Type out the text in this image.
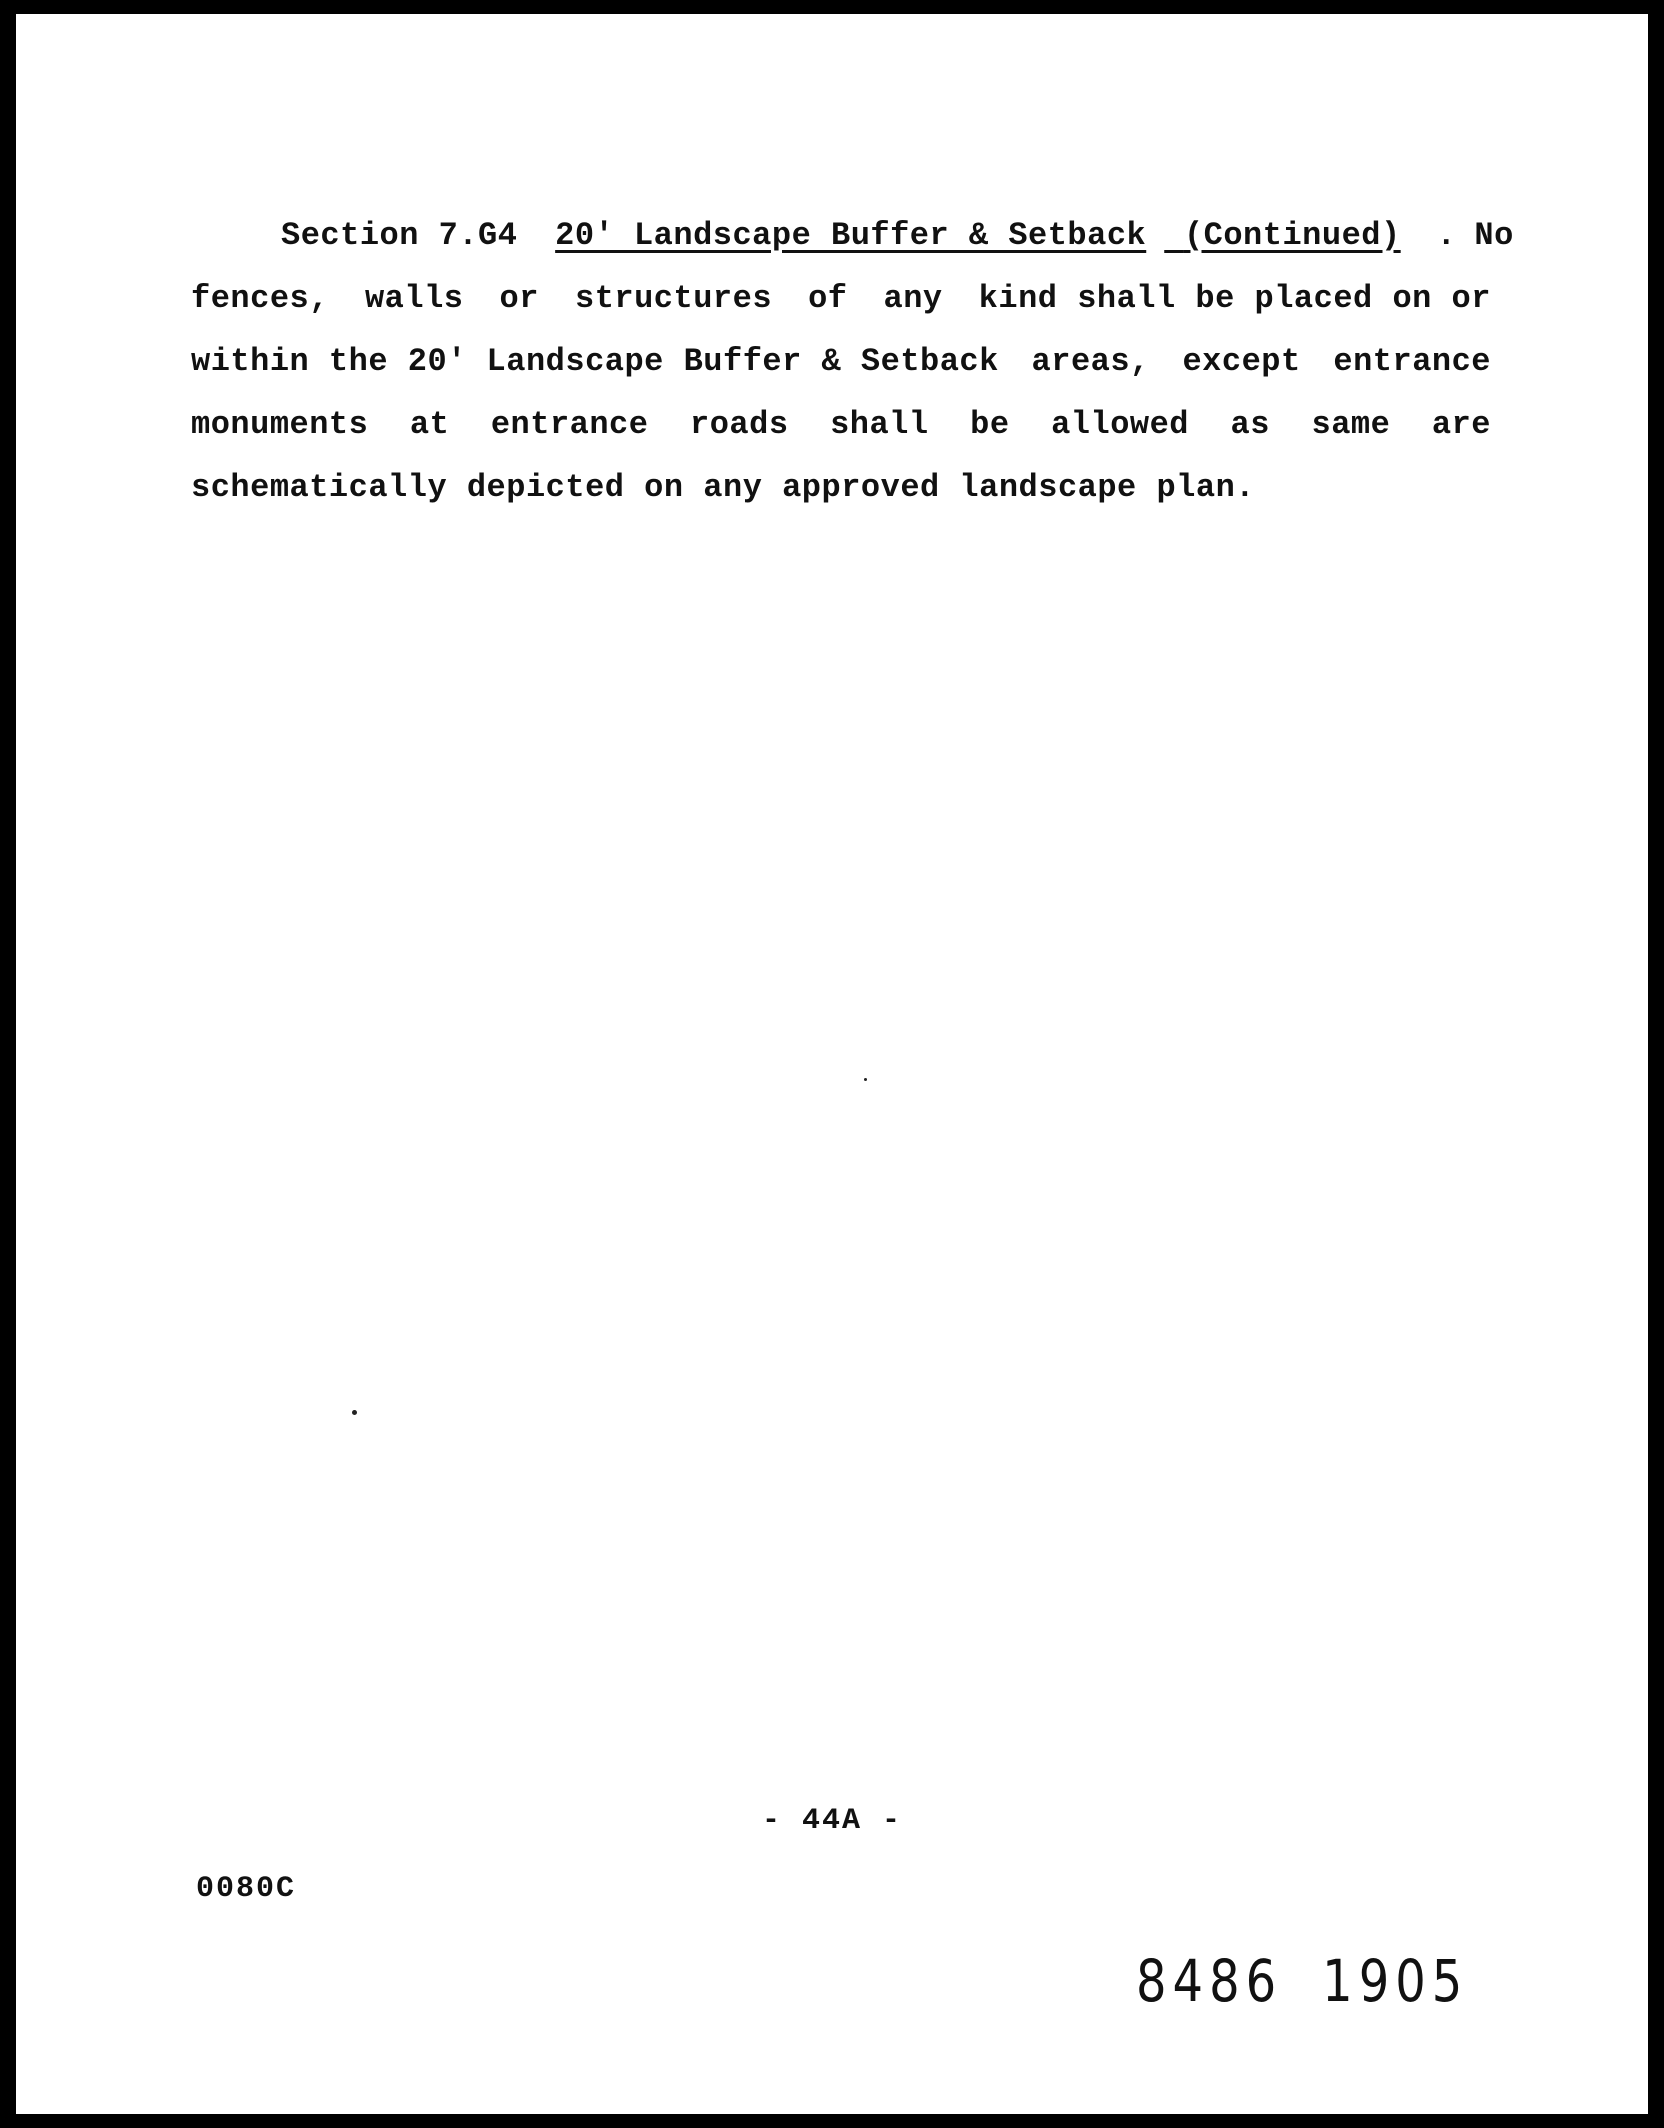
Section 7.G4 20' Landscape Buffer & Setback (Continued) . No
fences, walls or structures of any kind shall be placed on or
within the 20' Landscape Buffer & Setback areas, except entrance
monuments at entrance roads shall be allowed as same are
schematically depicted on any approved landscape plan.
- 44A -
0080C
8486 1905
